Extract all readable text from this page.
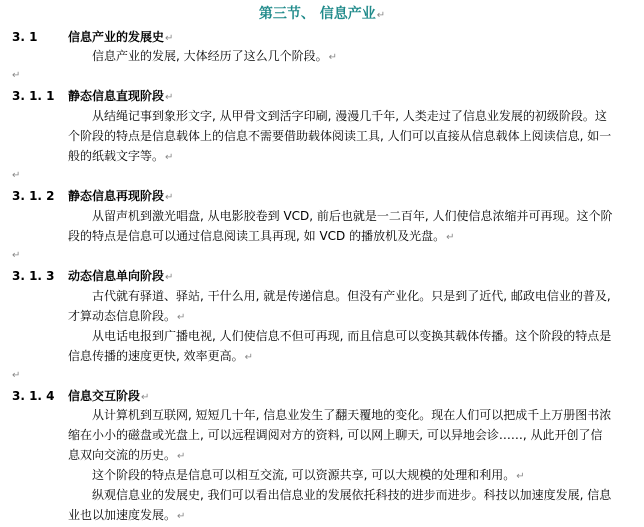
第三节、 信息产业↵
3. 1	信息产业的发展史↵
信息产业的发展, 大体经历了这么几个阶段。↵
↵
3. 1. 1 静态信息直现阶段↵
从结绳记事到象形文字, 从甲骨文到活字印刷, 漫漫几千年, 人类走过了信息业发展的初级阶段。这个阶段的特点是信息载体上的信息不需要借助载体阅读工具, 人们可以直接从信息载体上阅读信息, 如一般的纸载文字等。↵
↵
3. 1. 2 静态信息再现阶段↵
从留声机到激光唱盘, 从电影胶卷到 VCD, 前后也就是一二百年, 人们使信息浓缩并可再现。这个阶段的特点是信息可以通过信息阅读工具再现, 如 VCD 的播放机及光盘。↵
↵
3. 1. 3 动态信息单向阶段↵
古代就有驿道、驿站, 干什么用, 就是传递信息。但没有产业化。只是到了近代, 邮政电信业的普及, 才算动态信息阶段。↵
从电话电报到广播电视, 人们使信息不但可再现, 而且信息可以变换其载体传播。这个阶段的特点是信息传播的速度更快, 效率更高。↵
↵
3. 1. 4 信息交互阶段↵
从计算机到互联网, 短短几十年, 信息业发生了翻天覆地的变化。现在人们可以把成千上万册图书浓缩在小小的磁盘或光盘上, 可以远程调阅对方的资料, 可以网上聊天, 可以异地会诊……, 从此开创了信息双向交流的历史。↵
这个阶段的特点是信息可以相互交流, 可以资源共享, 可以大规模的处理和利用。↵
纵观信息业的发展史, 我们可以看出信息业的发展依托科技的进步而进步。科技以加速度发展, 信息业也以加速度发展。↵
